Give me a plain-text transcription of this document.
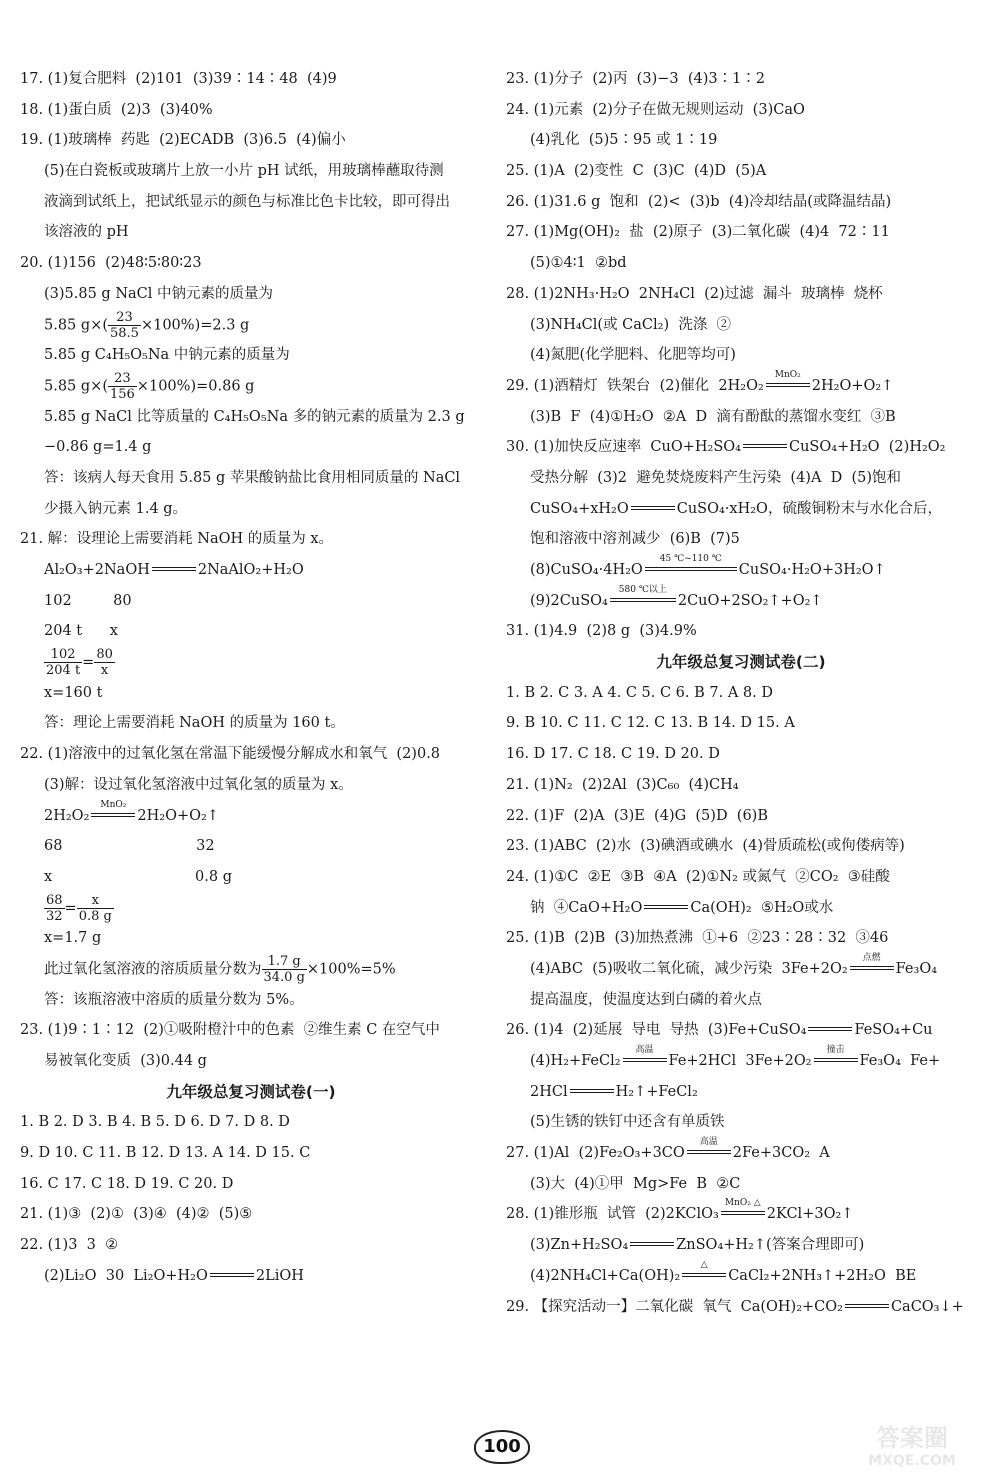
17. (1)复合肥料  (2)101  (3)39∶14∶48  (4)9
18. (1)蛋白质  (2)3  (3)40%
19. (1)玻璃棒  药匙  (2)ECADB  (3)6.5  (4)偏小
(5)在白瓷板或玻璃片上放一小片 pH 试纸，用玻璃棒蘸取待测
液滴到试纸上，把试纸显示的颜色与标准比色卡比较，即可得出
该溶液的 pH
20. (1)156  (2)48∶5∶80∶23
(3)5.85 g NaCl 中钠元素的质量为
5.85 $g\times( \frac{23}{58.5} \times 100\%)=2.3$ g
5.85 g C₄H₅O₅Na 中钠元素的质量为
5.85 $g\times( \frac{23}{156} \times 100\%)=0.86$ g
5.85 g NaCl 比等质量的 C₄H₅O₅Na 多的钠元素的质量为 2.3 g
−0.86 g=1.4 g
答：该病人每天食用 5.85 g 苹果酸钠盐比食用相同质量的 NaCl
少摄入钠元素 1.4 g。
21. 解：设理论上需要消耗 NaOH 的质量为 x。
Al₂O₃+2NaOH	2NaAlO₂+H₂O
102         80
204 t      x
$\frac{102}{204 t} = \frac{80}{x}$
x=160 t
答：理论上需要消耗 NaOH 的质量为 160 t。
22. (1)溶液中的过氧化氢在常温下能缓慢分解成水和氧气  (2)0.8
(3)解：设过氧化氢溶液中过氧化氢的质量为 x。
2H₂O₂
MnO₂
2H₂O+O₂↑
68                             32
x                               0.8 g
$\frac{68}{32} = \frac{x}{0.8 g}$
x=1.7 g
此过氧化氢溶液的溶质质量分数为 $\frac{1.7 g}{34.0 g} \times 100\%=5\%$
答：该瓶溶液中溶质的质量分数为 5%。
23. (1)9∶1∶12  (2)①吸附橙汁中的色素  ②维生素 C 在空气中
易被氧化变质  (3)0.44 g
九年级总复习测试卷(一)
1. B 2. D 3. B 4. B 5. D 6. D 7. D 8. D
9. D 10. C 11. B 12. D 13. A 14. D 15. C
16. C 17. C 18. D 19. C 20. D
21. (1)③  (2)①  (3)④  (4)②  (5)⑤
22. (1)3  3  ②
(2)Li₂O  30  Li₂O+H₂O	2LiOH
23. (1)分子  (2)丙  (3)−3  (4)3∶1∶2
24. (1)元素  (2)分子在做无规则运动  (3)CaO
(4)乳化  (5)5∶95 或 1∶19
25. (1)A  (2)变性  C  (3)C  (4)D  (5)A
26. (1)31.6 g  饱和  (2)<  (3)b  (4)冷却结晶(或降温结晶)
27. (1)Mg(OH)₂  盐  (2)原子  (3)二氧化碳  (4)4  72∶11
(5)①4∶1  ②bd
28. (1)2NH₃·H₂O  2NH₄Cl  (2)过滤  漏斗  玻璃棒  烧杯
(3)NH₄Cl(或 CaCl₂)  洗涤  ②
(4)氮肥(化学肥料、化肥等均可)
29. (1)酒精灯  铁架台  (2)催化  2H₂O₂
MnO₂
2H₂O+O₂↑
(3)B  F  (4)①H₂O  ②A  D  滴有酚酞的蒸馏水变红  ③B
30. (1)加快反应速率  CuO+H₂SO₄	CuSO₄+H₂O  (2)H₂O₂
受热分解  (3)2  避免焚烧废料产生污染  (4)A  D  (5)饱和
CuSO₄+xH₂O	CuSO₄·xH₂O，硫酸铜粉末与水化合后，
饱和溶液中溶剂减少  (6)B  (7)5
(8)CuSO₄·4H₂O
45 ℃~110 ℃
CuSO₄·H₂O+3H₂O↑
(9)2CuSO₄
580 ℃以上
2CuO+2SO₂↑+O₂↑
31. (1)4.9  (2)8 g  (3)4.9%
九年级总复习测试卷(二)
1. B 2. C 3. A 4. C 5. C 6. B 7. A 8. D
9. B 10. C 11. C 12. C 13. B 14. D 15. A
16. D 17. C 18. C 19. D 20. D
21. (1)N₂  (2)2Al  (3)C₆₀  (4)CH₄
22. (1)F  (2)A  (3)E  (4)G  (5)D  (6)B
23. (1)ABC  (2)水  (3)碘酒或碘水  (4)骨质疏松(或佝偻病等)
24. (1)①C  ②E  ③B  ④A  (2)①N₂ 或氮气  ②CO₂  ③硅酸
钠  ④CaO+H₂O	Ca(OH)₂  ⑤H₂O或水
25. (1)B  (2)B  (3)加热煮沸  ①+6  ②23∶28∶32  ③46
(4)ABC  (5)吸收二氧化硫，减少污染  3Fe+2O₂
点燃
Fe₃O₄
提高温度，使温度达到白磷的着火点
26. (1)4  (2)延展  导电  导热  (3)Fe+CuSO₄	FeSO₄+Cu
(4)H₂+FeCl₂
高温
Fe+2HCl  3Fe+2O₂
撞击
Fe₃O₄  Fe+
2HCl	H₂↑+FeCl₂
(5)生锈的铁钉中还含有单质铁
27. (1)Al  (2)Fe₂O₃+3CO
高温
2Fe+3CO₂  A
(3)大  (4)①甲  Mg>Fe  B  ②C
28. (1)锥形瓶  试管  (2)2KClO₃
MnO₂ △
2KCl+3O₂↑
(3)Zn+H₂SO₄	ZnSO₄+H₂↑(答案合理即可)
(4)2NH₄Cl+Ca(OH)₂
△
CaCl₂+2NH₃↑+2H₂O  BE
29. 【探究活动一】二氧化碳  氧气  Ca(OH)₂+CO₂	CaCO₃↓+
100	答案圈
MXQE.COM
